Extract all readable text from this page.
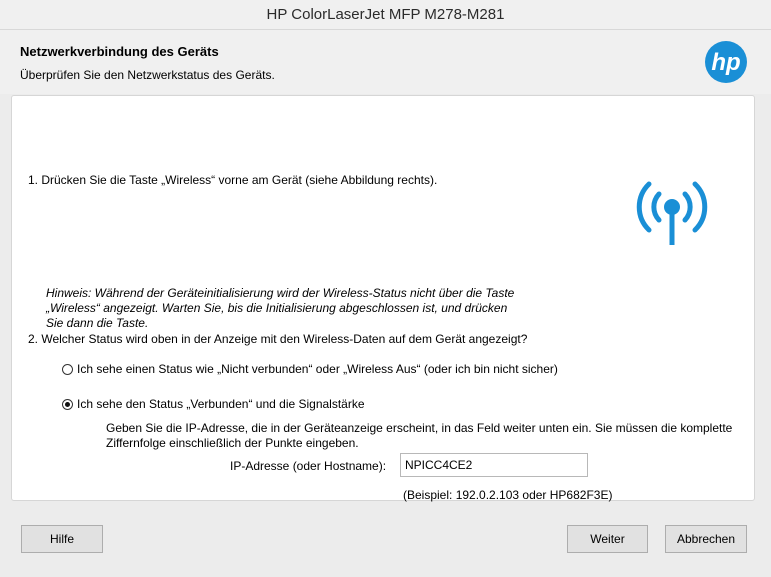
HP ColorLaserJet MFP M278-M281
Netzwerkverbindung des Geräts
Überprüfen Sie den Netzwerkstatus des Geräts.	hp
1. Drücken Sie die Taste „Wireless“ vorne am Gerät (siehe Abbildung rechts).
Hinweis: Während der Geräteinitialisierung wird der Wireless-Status nicht über die Taste „Wireless“ angezeigt. Warten Sie, bis die Initialisierung abgeschlossen ist, und drücken Sie dann die Taste.
2. Welcher Status wird oben in der Anzeige mit den Wireless-Daten auf dem Gerät angezeigt?
Ich sehe einen Status wie „Nicht verbunden“ oder „Wireless Aus“ (oder ich bin nicht sicher)
Ich sehe den Status „Verbunden“ und die Signalstärke
Geben Sie die IP-Adresse, die in der Geräteanzeige erscheint, in das Feld weiter unten ein. Sie müssen die komplette Ziffernfolge einschließlich der Punkte eingeben.
IP-Adresse (oder Hostname):
NPICC4CE2
(Beispiel: 192.0.2.103 oder HP682F3E)
Hilfe	Weiter	Abbrechen
